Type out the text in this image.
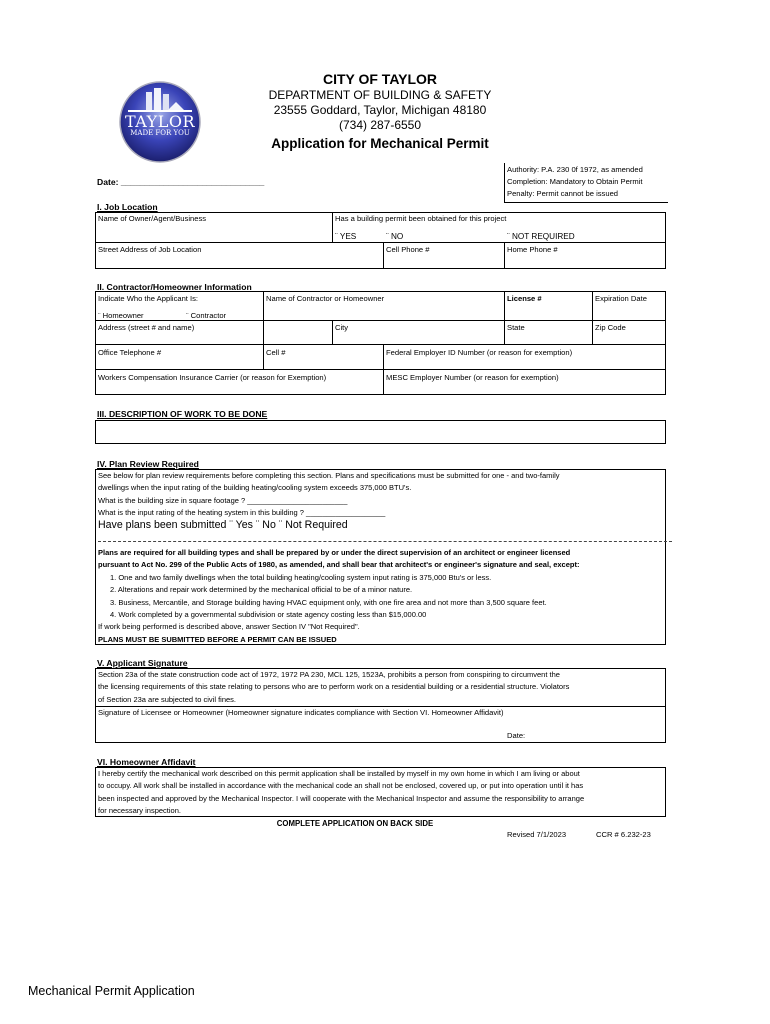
TAYLOR
MADE FOR YOU
CITY OF TAYLOR
DEPARTMENT OF BUILDING & SAFETY
23555 Goddard, Taylor, Michigan 48180
(734) 287-6550
Application for Mechanical Permit
Authority: P.A. 230 0f 1972, as amended
Completion: Mandatory to Obtain Permit
Penalty: Permit cannot be issued
Date: ______________________________
I. Job Location
Name of Owner/Agent/Business	Has a building permit been obtained for this project
¨ YES	¨ NO	¨ NOT REQUIRED
Street Address of Job Location	Cell Phone #	Home Phone #
II. Contractor/Homeowner Information
Indicate Who the Applicant Is:
¨ Homeowner	¨ Contractor
Name of Contractor or Homeowner	License #	Expiration Date
Address (street # and name)	City	State	Zip Code
Office Telephone #	Cell #	Federal Employer ID Number (or reason for exemption)
Workers Compensation Insurance Carrier (or reason for Exemption)	MESC Employer Number (or reason for exemption)
III. DESCRIPTION OF WORK TO BE DONE
IV. Plan Review Required
See below for plan review requirements before completing this section. Plans and specifications must be submitted for one - and two-family
dwellings when the input rating of the building heating/cooling system exceeds 375,000 BTU's.
What is the building size in square footage ? ________________________
What is the input rating of the heating system in this building ? ___________________
Have plans been submitted ¨ Yes ¨ No ¨ Not Required
Plans are required for all building types and shall be prepared by or under the direct supervision of an architect or engineer licensed
pursuant to Act No. 299 of the Public Acts of 1980, as amended, and shall bear that architect's or engineer's signature and seal, except:
1. One and two family dwellings when the total building heating/cooling system input rating is 375,000 Btu's or less.
2. Alterations and repair work determined by the mechanical official to be of a minor nature.
3. Business, Mercantile, and Storage building having HVAC equipment only, with one fire area and not more than 3,500 square feet.
4. Work completed by a governmental subdivision or state agency costing less than $15,000.00
If work being performed is described above, answer Section IV "Not Required".
PLANS MUST BE SUBMITTED BEFORE A PERMIT CAN BE ISSUED
V. Applicant Signature
Section 23a of the state construction code act of 1972, 1972 PA 230, MCL 125, 1523A, prohibits a person from conspiring to circumvent the
the licensing requirements of this state relating to persons who are to perform work on a residential building or a residential structure. Violators
of Section 23a are subjected to civil fines.
Signature of Licensee or Homeowner (Homeowner signature indicates compliance with Section VI. Homeowner Affidavit)
Date:
VI. Homeowner Affidavit
I hereby certify the mechanical work described on this permit application shall be installed by myself in my own home in which I am living or about
to occupy. All work shall be installed in accordance with the mechanical code an shall not be enclosed, covered up, or put into operation until it has
been inspected and approved by the Mechanical Inspector. I will cooperate with the Mechanical Inspector and assume the responsibility to arrange
for necessary inspection.
COMPLETE APPLICATION ON BACK SIDE
Revised 7/1/2023	CCR # 6.232-23
Mechanical Permit Application
